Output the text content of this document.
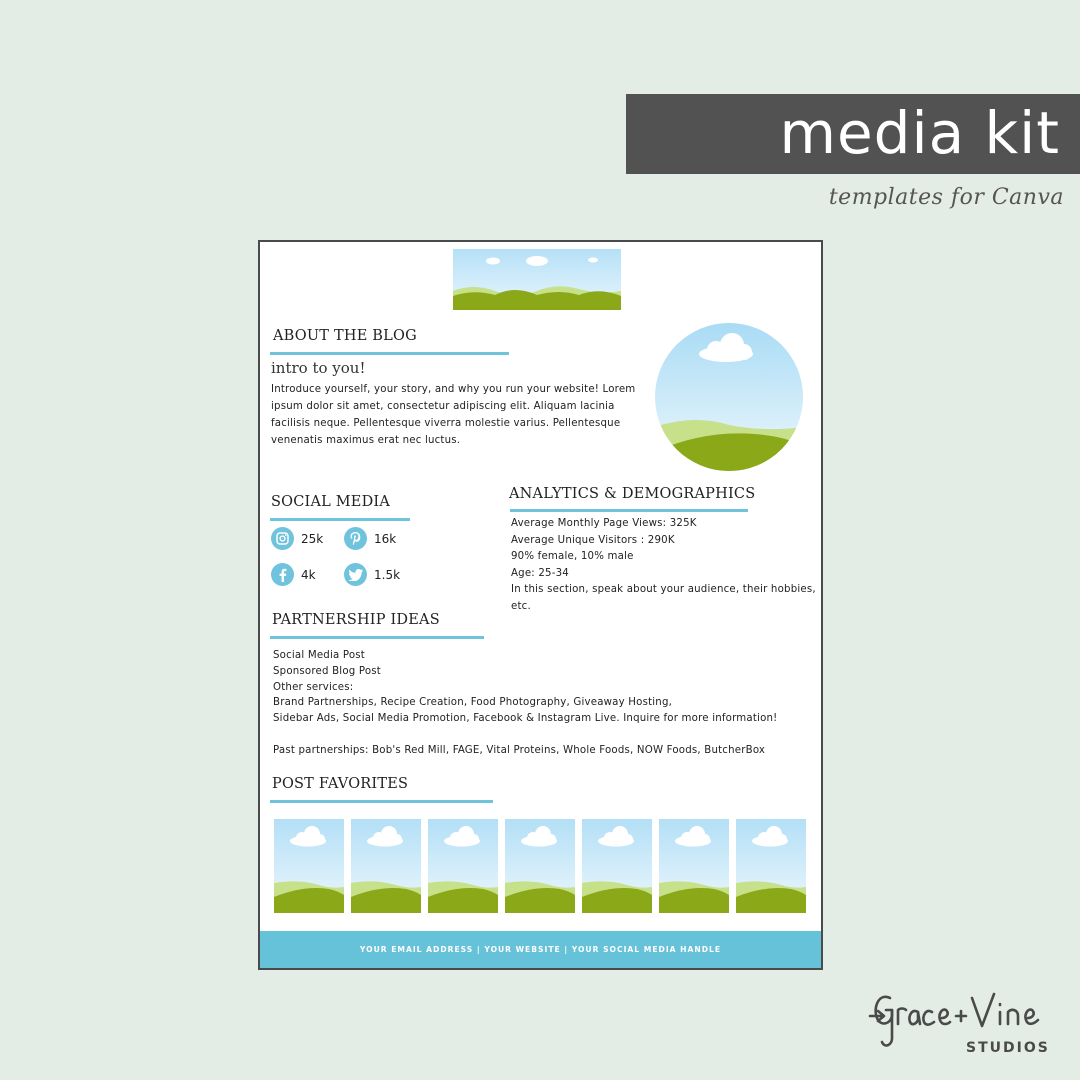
media kit
templates for Canva
ABOUT THE BLOG
intro to you!
Introduce yourself, your story, and why you run your website! Lorem
ipsum dolor sit amet, consectetur adipiscing elit. Aliquam lacinia
facilisis neque. Pellentesque viverra molestie varius. Pellentesque
venenatis maximus erat nec luctus.
SOCIAL MEDIA
25k	16k
4k	1.5k
ANALYTICS & DEMOGRAPHICS
Average Monthly Page Views: 325K
Average Unique Visitors : 290K
90% female, 10% male
Age: 25-34
In this section, speak about your audience, their hobbies,
etc.
PARTNERSHIP IDEAS
Social Media Post
Sponsored Blog Post
Other services:
Brand Partnerships, Recipe Creation, Food Photography, Giveaway Hosting,
Sidebar Ads, Social Media Promotion, Facebook & Instagram Live. Inquire for more information!
Past partnerships: Bob's Red Mill, FAGE, Vital Proteins, Whole Foods, NOW Foods, ButcherBox
POST FAVORITES
YOUR EMAIL ADDRESS | YOUR WEBSITE | YOUR SOCIAL MEDIA HANDLE
STUDIOS
